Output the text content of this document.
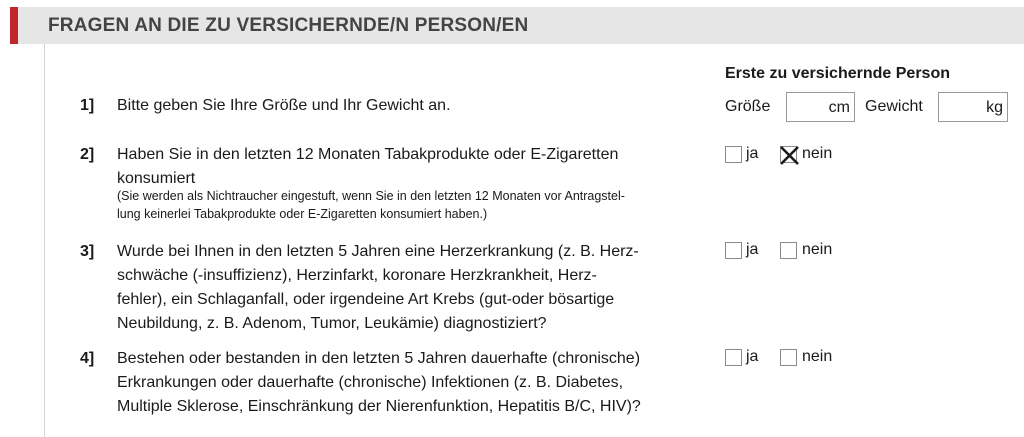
FRAGEN AN DIE ZU VERSICHERNDE/N PERSON/EN
Erste zu versichernde Person
1] Bitte geben Sie Ihre Größe und Ihr Gewicht an.	Größe	cm Gewicht	kg
2] Haben Sie in den letzten 12 Monaten Tabakprodukte oder E-Zigaretten
konsumiert
(Sie werden als Nichtraucher eingestuft, wenn Sie in den letzten 12 Monaten vor Antragstel-
lung keinerlei Tabakprodukte oder E-Zigaretten konsumiert haben.)
ja	nein
3] Wurde bei Ihnen in den letzten 5 Jahren eine Herzerkrankung (z. B. Herz-
schwäche (-insuffizienz), Herzinfarkt, koronare Herzkrankheit, Herz-
fehler), ein Schlaganfall, oder irgendeine Art Krebs (gut-oder bösartige
Neubildung, z. B. Adenom, Tumor, Leukämie) diagnostiziert?
ja	nein
4] Bestehen oder bestanden in den letzten 5 Jahren dauerhafte (chronische)
Erkrankungen oder dauerhafte (chronische) Infektionen (z. B. Diabetes,
Multiple Sklerose, Einschränkung der Nierenfunktion, Hepatitis B/C, HIV)?
ja	nein
